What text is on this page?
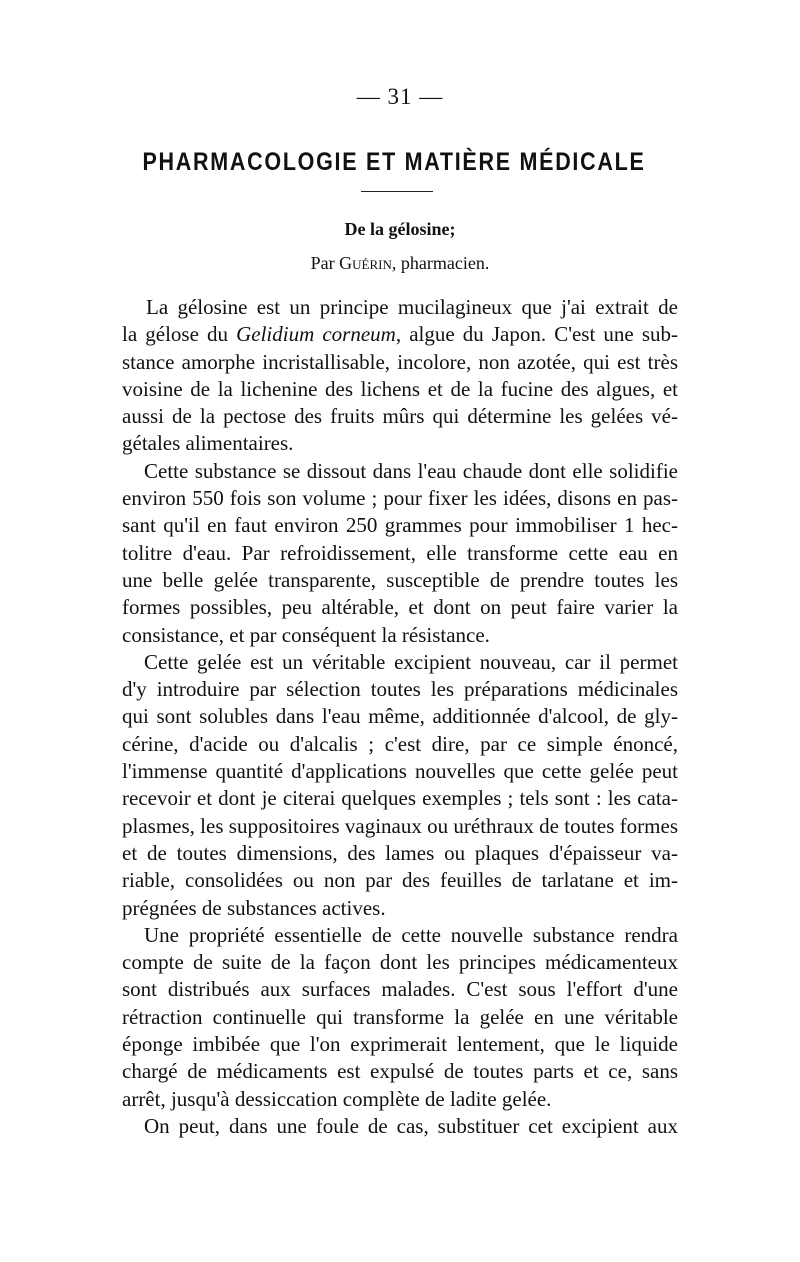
— 31 —
PHARMACOLOGIE ET MATIÈRE MÉDICALE
De la gélosine;
Par Guérin, pharmacien.
La gélosine est un principe mucilagineux que j'ai extrait de
la gélose du Gelidium corneum, algue du Japon. C'est une sub-
stance amorphe incristallisable, incolore, non azotée, qui est très
voisine de la lichenine des lichens et de la fucine des algues, et
aussi de la pectose des fruits mûrs qui détermine les gelées vé-
gétales alimentaires.
Cette substance se dissout dans l'eau chaude dont elle solidifie
environ 550 fois son volume ; pour fixer les idées, disons en pas-
sant qu'il en faut environ 250 grammes pour immobiliser 1 hec-
tolitre d'eau. Par refroidissement, elle transforme cette eau en
une belle gelée transparente, susceptible de prendre toutes les
formes possibles, peu altérable, et dont on peut faire varier la
consistance, et par conséquent la résistance.
Cette gelée est un véritable excipient nouveau, car il permet
d'y introduire par sélection toutes les préparations médicinales
qui sont solubles dans l'eau même, additionnée d'alcool, de gly-
cérine, d'acide ou d'alcalis ; c'est dire, par ce simple énoncé,
l'immense quantité d'applications nouvelles que cette gelée peut
recevoir et dont je citerai quelques exemples ; tels sont : les cata-
plasmes, les suppositoires vaginaux ou uréthraux de toutes formes
et de toutes dimensions, des lames ou plaques d'épaisseur va-
riable, consolidées ou non par des feuilles de tarlatane et im-
prégnées de substances actives.
Une propriété essentielle de cette nouvelle substance rendra
compte de suite de la façon dont les principes médicamenteux
sont distribués aux surfaces malades. C'est sous l'effort d'une
rétraction continuelle qui transforme la gelée en une véritable
éponge imbibée que l'on exprimerait lentement, que le liquide
chargé de médicaments est expulsé de toutes parts et ce, sans
arrêt, jusqu'à dessiccation complète de ladite gelée.
On peut, dans une foule de cas, substituer cet excipient aux
